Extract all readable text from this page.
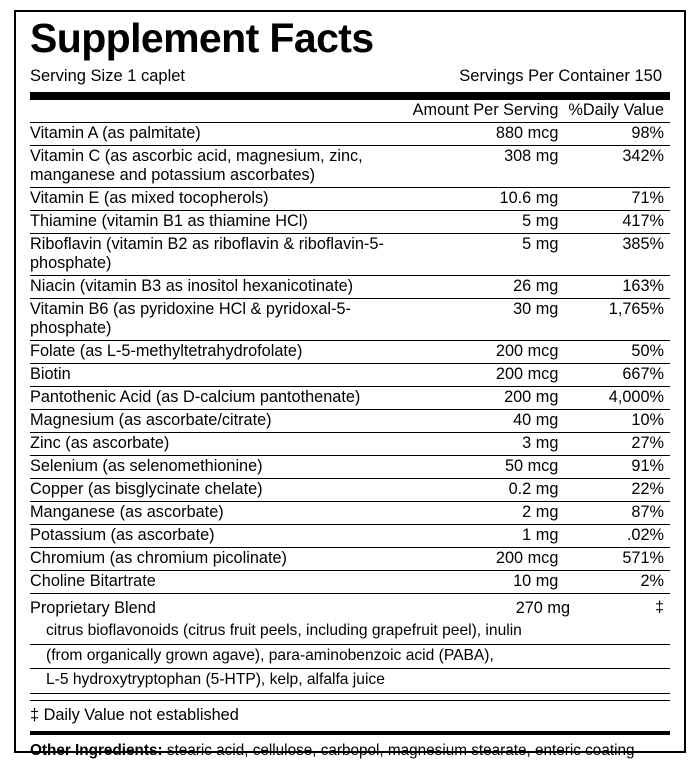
Supplement Facts
Serving Size 1 caplet	Servings Per Container 150
	Amount Per Serving	%Daily Value
Vitamin A (as palmitate)	880 mcg	98%

Vitamin C (as ascorbic acid, magnesium, zinc,
manganese and potassium ascorbates)	308 mg	342%
Vitamin E (as mixed tocopherols)	10.6 mg	71%
Thiamine (vitamin B1 as thiamine HCl)	5 mg	417%
Riboflavin (vitamin B2 as riboflavin & riboflavin-5-phosphate)	5 mg	385%
Niacin (vitamin B3 as inositol hexanicotinate)	26 mg	163%
Vitamin B6 (as pyridoxine HCl & pyridoxal-5-phosphate)	30 mg	1,765%
Folate (as L-5-methyltetrahydrofolate)	200 mcg	50%
Biotin	200 mcg	667%
Pantothenic Acid (as D-calcium pantothenate)	200 mg	4,000%
Magnesium (as ascorbate/citrate)	40 mg	10%
Zinc (as ascorbate)	3 mg	27%
Selenium (as selenomethionine)	50 mcg	91%
Copper (as bisglycinate chelate)	0.2 mg	22%
Manganese (as ascorbate)	2 mg	87%
Potassium (as ascorbate)	1 mg	.02%
Chromium (as chromium picolinate)	200 mcg	571%
Choline Bitartrate	10 mg	2%
Proprietary Blend	270 mg	‡
citrus bioflavonoids (citrus fruit peels, including grapefruit peel), inulin
(from organically grown agave), para-aminobenzoic acid (PABA),
L-5 hydroxytryptophan (5-HTP), kelp, alfalfa juice
‡ Daily Value not established
Other Ingredients: stearic acid, cellulose, carbopol, magnesium stearate, enteric coating
